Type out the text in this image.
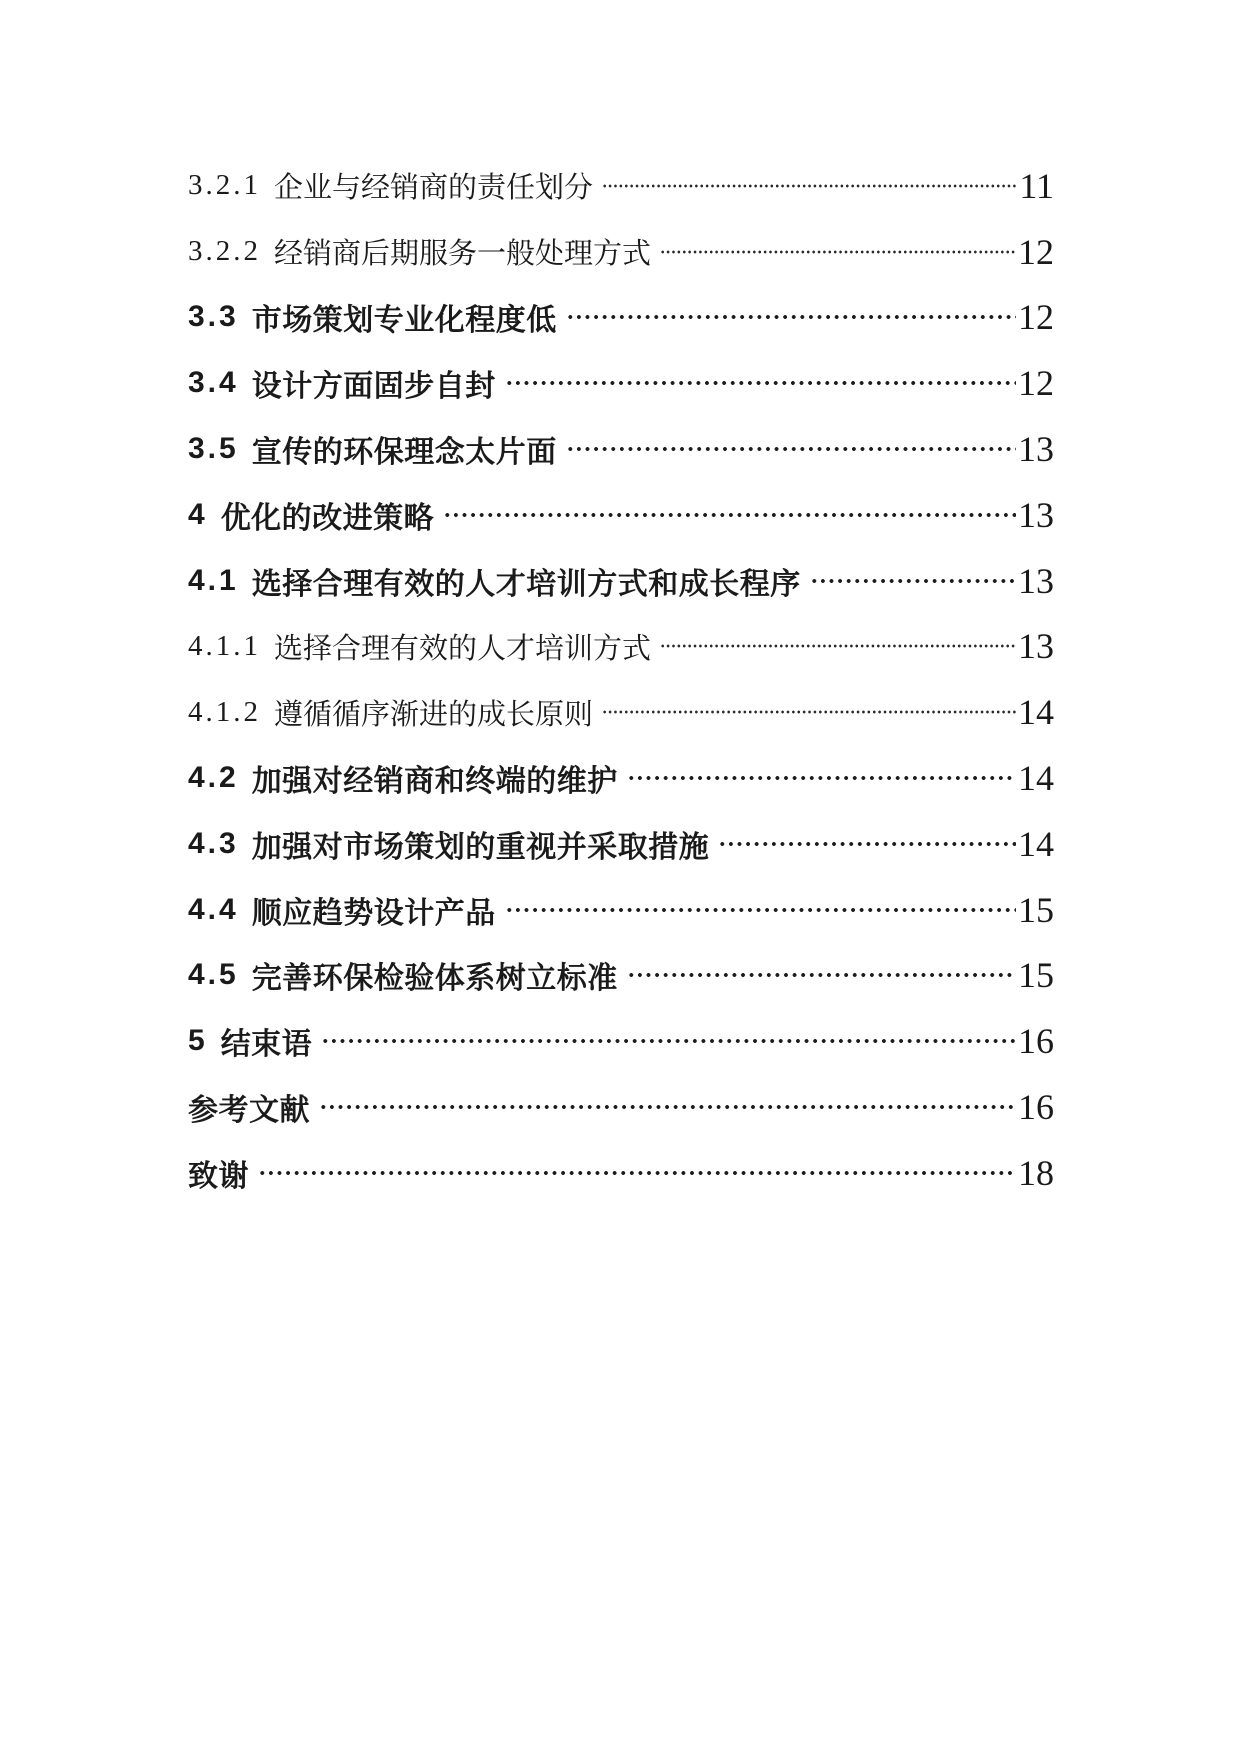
3.2.1 企业与经销商的责任划分	11
3.2.2 经销商后期服务一般处理方式	12
3.3 市场策划专业化程度低	12
3.4 设计方面固步自封	12
3.5 宣传的环保理念太片面	13
4 优化的改进策略	13
4.1 选择合理有效的人才培训方式和成长程序	13
4.1.1 选择合理有效的人才培训方式	13
4.1.2 遵循循序渐进的成长原则	14
4.2 加强对经销商和终端的维护	14
4.3 加强对市场策划的重视并采取措施	14
4.4 顺应趋势设计产品	15
4.5 完善环保检验体系树立标准	15
5 结束语	16
参考文献	16
致谢	18
